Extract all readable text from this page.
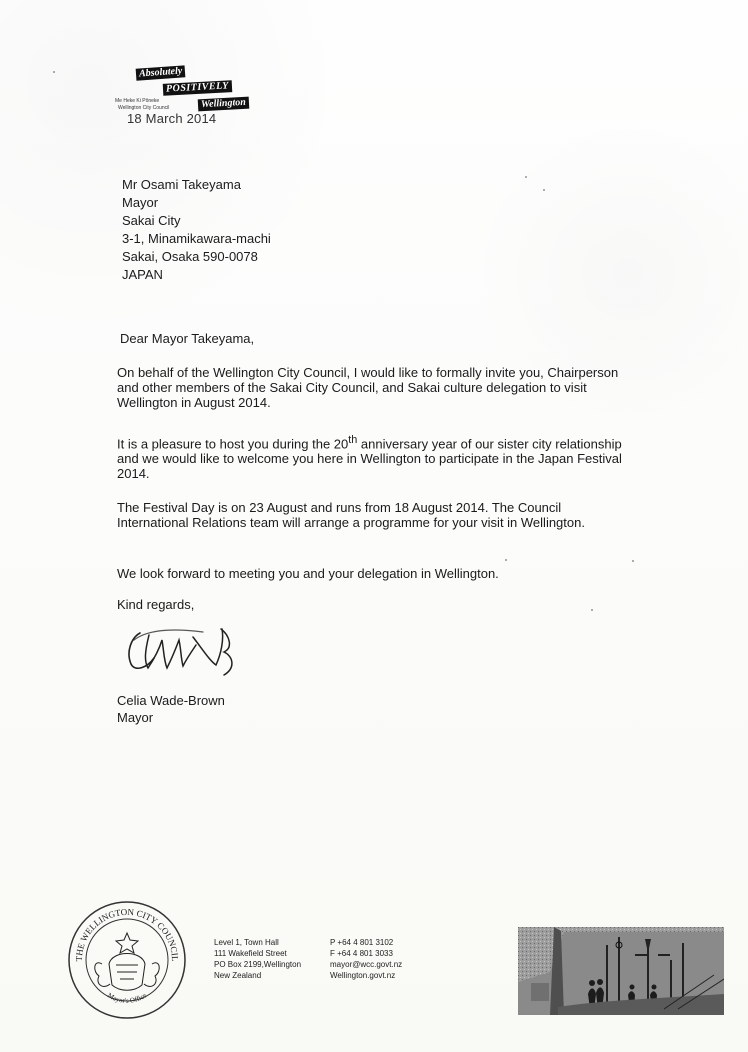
Absolutely
POSITIVELY
Wellington
Me Heke Ki Pōneke
Wellington City Council
18 March 2014
Mr Osami Takeyama
Mayor
Sakai City
3-1, Minamikawara-machi
Sakai, Osaka 590-0078
JAPAN
Dear Mayor Takeyama,
On behalf of the Wellington City Council, I would like to formally invite you, Chairperson and other members of the Sakai City Council, and Sakai culture delegation to visit Wellington in August 2014.
It is a pleasure to host you during the 20th anniversary year of our sister city relationship and we would like to welcome you here in Wellington to participate in the Japan Festival 2014.
The Festival Day is on 23 August and runs from 18 August 2014. The Council International Relations team will arrange a programme for your visit in Wellington.
We look forward to meeting you and your delegation in Wellington.
Kind regards,
Celia Wade-Brown
Mayor
THE WELLINGTON CITY COUNCIL
Mayor's Office
Level 1, Town Hall
111 Wakefield Street
PO Box 2199,Wellington
New Zealand
P +64 4 801 3102
F +64 4 801 3033
mayor@wcc.govt.nz
Wellington.govt.nz
